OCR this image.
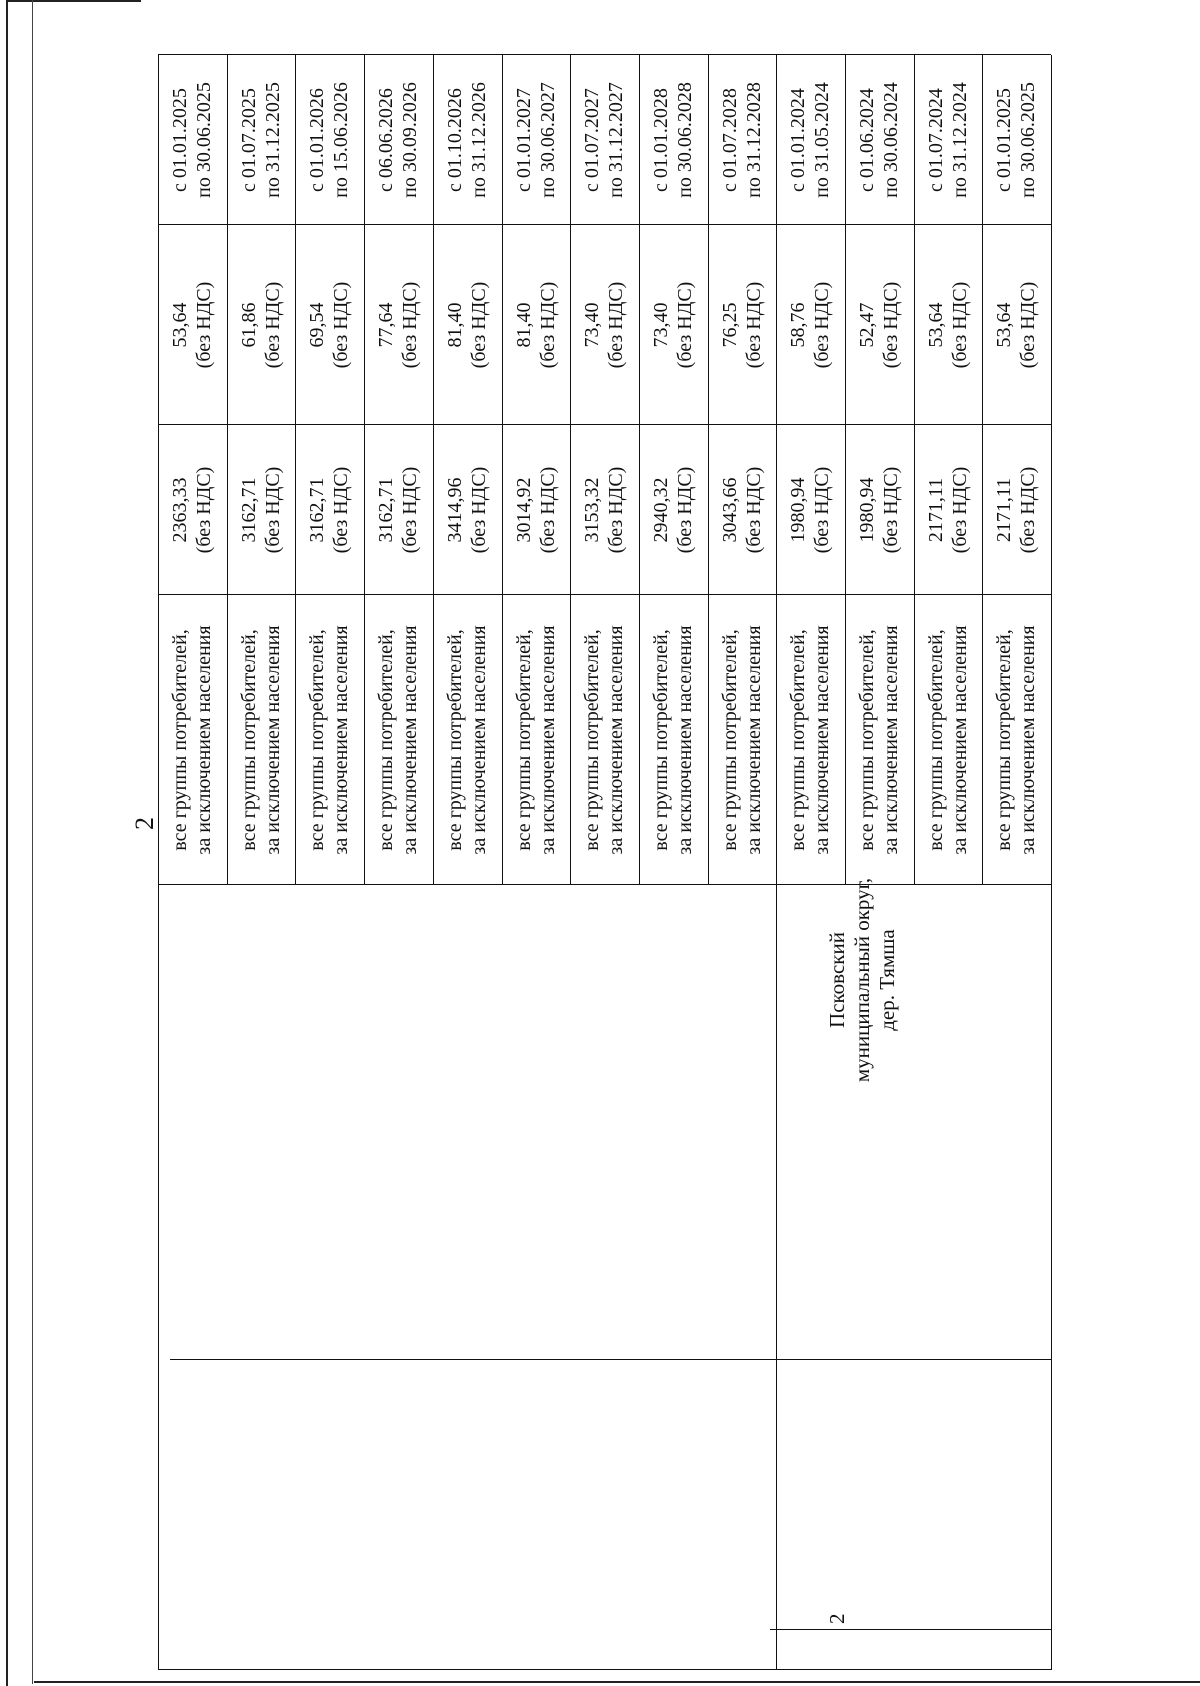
2
2
Псковский муниципальный округ, дер. Тямша
все группы потребителей, за исключением населения
2363,33 (без НДС)
53,64 (без НДС)
с 01.01.2025 по 30.06.2025
все группы потребителей, за исключением населения
3162,71 (без НДС)
61,86 (без НДС)
с 01.07.2025 по 31.12.2025
все группы потребителей, за исключением населения
3162,71 (без НДС)
69,54 (без НДС)
с 01.01.2026 по 15.06.2026
все группы потребителей, за исключением населения
3162,71 (без НДС)
77,64 (без НДС)
с 06.06.2026 по 30.09.2026
все группы потребителей, за исключением населения
3414,96 (без НДС)
81,40 (без НДС)
с 01.10.2026 по 31.12.2026
все группы потребителей, за исключением населения
3014,92 (без НДС)
81,40 (без НДС)
с 01.01.2027 по 30.06.2027
все группы потребителей, за исключением населения
3153,32 (без НДС)
73,40 (без НДС)
с 01.07.2027 по 31.12.2027
все группы потребителей, за исключением населения
2940,32 (без НДС)
73,40 (без НДС)
с 01.01.2028 по 30.06.2028
все группы потребителей, за исключением населения
3043,66 (без НДС)
76,25 (без НДС)
с 01.07.2028 по 31.12.2028
все группы потребителей, за исключением населения
1980,94 (без НДС)
58,76 (без НДС)
с 01.01.2024 по 31.05.2024
все группы потребителей, за исключением населения
1980,94 (без НДС)
52,47 (без НДС)
с 01.06.2024 по 30.06.2024
все группы потребителей, за исключением населения
2171,11 (без НДС)
53,64 (без НДС)
с 01.07.2024 по 31.12.2024
все группы потребителей, за исключением населения
2171,11 (без НДС)
53,64 (без НДС)
с 01.01.2025 по 30.06.2025
